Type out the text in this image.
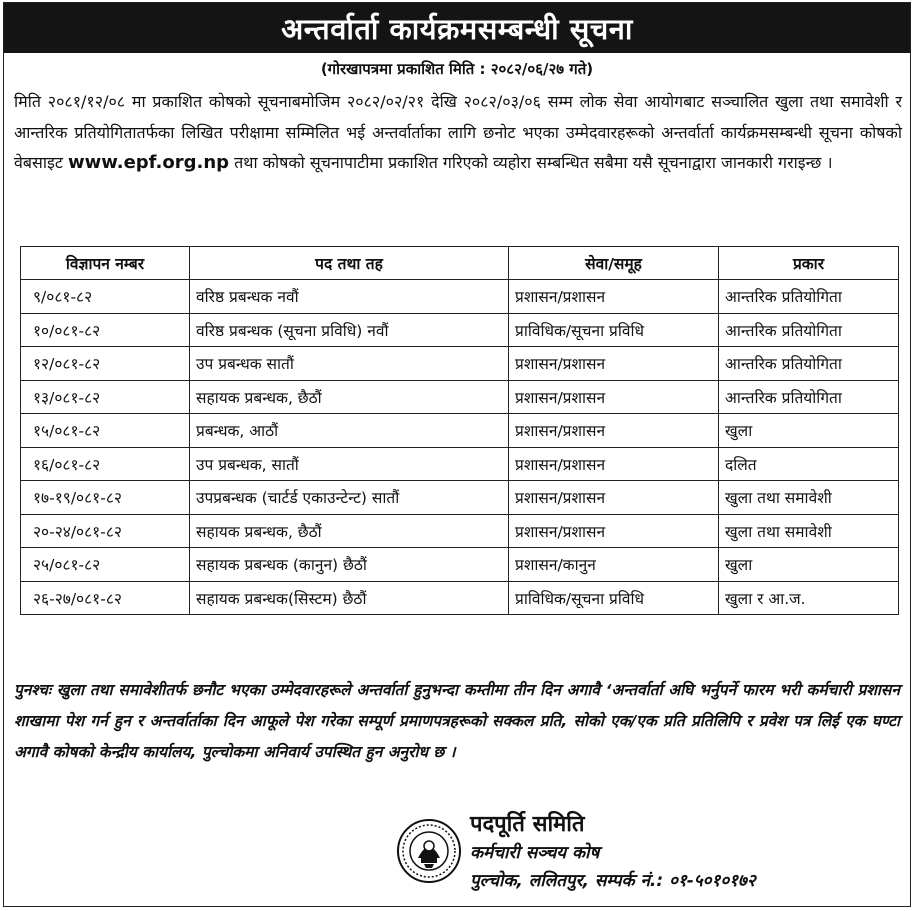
अन्तर्वार्ता कार्यक्रमसम्बन्धी सूचना
(गोरखापत्रमा प्रकाशित मिति : २०८२/०६/२७ गते)
मिति २०८१/१२/०८ मा प्रकाशित कोषको सूचनाबमोजिम २०८२/०२/२१ देखि २०८२/०३/०६ सम्म लोक सेवा आयोगबाट सञ्चालित खुला तथा समावेशी र आन्तरिक प्रतियोगितातर्फका लिखित परीक्षामा सम्मिलित भई अन्तर्वार्ताका लागि छनोट भएका उम्मेदवारहरूको अन्तर्वार्ता कार्यक्रमसम्बन्धी सूचना कोषको वेबसाइट www.epf.org.np तथा कोषको सूचनापाटीमा प्रकाशित गरिएको व्यहोरा सम्बन्धित सबैमा यसै सूचनाद्वारा जानकारी गराइन्छ ।
विज्ञापन नम्बर	पद तथा तह	सेवा/समूह	प्रकार
९/०८१-८२	वरिष्ठ प्रबन्धक नवौं	प्रशासन/प्रशासन	आन्तरिक प्रतियोगिता
१०/०८१-८२	वरिष्ठ प्रबन्धक (सूचना प्रविधि) नवौं	प्राविधिक/सूचना प्रविधि	आन्तरिक प्रतियोगिता
१२/०८१-८२	उप प्रबन्धक सातौं	प्रशासन/प्रशासन	आन्तरिक प्रतियोगिता
१३/०८१-८२	सहायक प्रबन्धक, छैठौं	प्रशासन/प्रशासन	आन्तरिक प्रतियोगिता
१५/०८१-८२	प्रबन्धक, आठौं	प्रशासन/प्रशासन	खुला
१६/०८१-८२	उप प्रबन्धक, सातौं	प्रशासन/प्रशासन	दलित
१७-१९/०८१-८२	उपप्रबन्धक (चार्टर्ड एकाउन्टेन्ट) सातौं	प्रशासन/प्रशासन	खुला तथा समावेशी
२०-२४/०८१-८२	सहायक प्रबन्धक, छैठौं	प्रशासन/प्रशासन	खुला तथा समावेशी
२५/०८१-८२	सहायक प्रबन्धक (कानुन) छैठौं	प्रशासन/कानुन	खुला
२६-२७/०८१-८२	सहायक प्रबन्धक(सिस्टम) छैठौं	प्राविधिक/सूचना प्रविधि	खुला र आ.ज.
पुनश्चः खुला तथा समावेशीतर्फ छनौट भएका उम्मेदवारहरूले अन्तर्वार्ता हुनुभन्दा कम्तीमा तीन दिन अगावै ‘अन्तर्वार्ता अघि भर्नुपर्ने फारम भरी कर्मचारी प्रशासन शाखामा पेश गर्न हुन र अन्तर्वार्ताका दिन आफूले पेश गरेका सम्पूर्ण प्रमाणपत्रहरूको सक्कल प्रति, सोको एक/एक प्रति प्रतिलिपि र प्रवेश पत्र लिई एक घण्टा अगावै कोषको केन्द्रीय कार्यालय, पुल्चोकमा अनिवार्य उपस्थित हुन अनुरोध छ ।
पदपूर्ति समिति
कर्मचारी सञ्चय कोष
पुल्चोक, ललितपुर, सम्पर्क नं.: ०१-५०१०१७२
